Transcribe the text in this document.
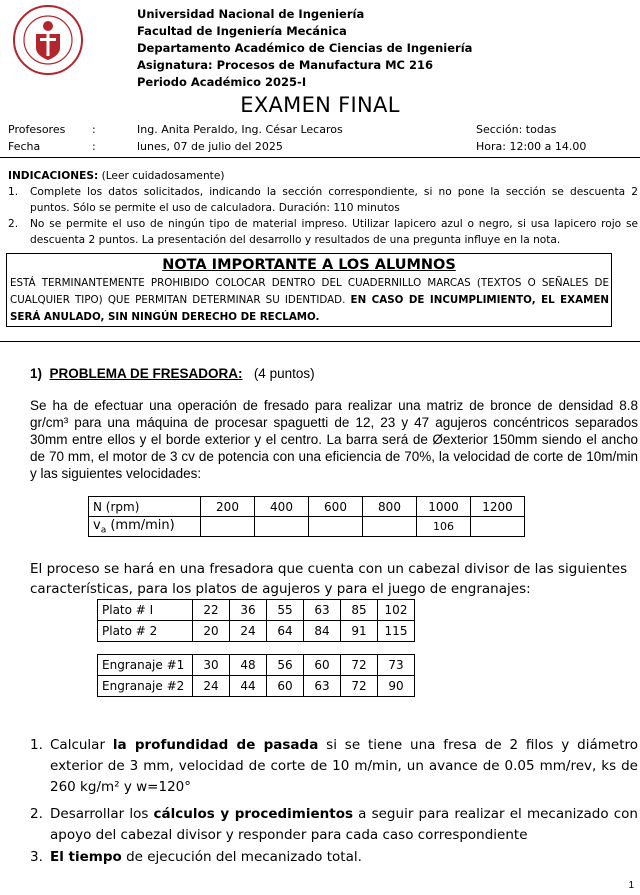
Universidad Nacional de Ingeniería
Facultad de Ingeniería Mecánica
Departamento Académico de Ciencias de Ingeniería
Asignatura: Procesos de Manufactura MC 216
Periodo Académico 2025-I
EXAMEN FINAL
Profesores :	Ing. Anita Peraldo, Ing. César Lecaros	Sección: todas
Fecha	:	lunes, 07 de julio del 2025	Hora: 12:00 a 14.00
INDICACIONES: (Leer cuidadosamente)
1.	Complete los datos solicitados, indicando la sección correspondiente, si no pone la sección se descuenta 2 puntos. Sólo se permite el uso de calculadora. Duración: 110 minutos
2.	No se permite el uso de ningún tipo de material impreso. Utilizar lapicero azul o negro, si usa lapicero rojo se descuenta 2 puntos. La presentación del desarrollo y resultados de una pregunta influye en la nota.
NOTA IMPORTANTE A LOS ALUMNOS
ESTÁ TERMINANTEMENTE PROHIBIDO COLOCAR DENTRO DEL CUADERNILLO MARCAS (TEXTOS O SEÑALES DE CUALQUIER TIPO) QUE PERMITAN DETERMINAR SU IDENTIDAD. EN CASO DE INCUMPLIMIENTO, EL EXAMEN SERÁ ANULADO, SIN NINGÚN DERECHO DE RECLAMO.
1) PROBLEMA DE FRESADORA: (4 puntos)
Se ha de efectuar una operación de fresado para realizar una matriz de bronce de densidad 8.8 gr/cm³ para una máquina de procesar spaguetti de 12, 23 y 47 agujeros concéntricos separados 30mm entre ellos y el borde exterior y el centro. La barra será de Øexterior 150mm siendo el ancho de 70 mm, el motor de 3 cv de potencia con una eficiencia de 70%, la velocidad de corte de 10m/min y las siguientes velocidades:
N (rpm)	200	400	600	800	1000	1200
$v_a$ (mm/min)					106	
El proceso se hará en una fresadora que cuenta con un cabezal divisor de las siguientes características, para los platos de agujeros y para el juego de engranajes:
Plato # I	22	36	55	63	85	102
Plato # 2	20	24	64	84	91	115
Engranaje #1	30	48	56	60	72	73
Engranaje #2	24	44	60	63	72	90
1. Calcular la profundidad de pasada si se tiene una fresa de 2 filos y diámetro exterior de 3 mm, velocidad de corte de 10 m/min, un avance de 0.05 mm/rev, ks de 260 kg/m² y w=120°
2. Desarrollar los cálculos y procedimientos a seguir para realizar el mecanizado con apoyo del cabezal divisor y responder para cada caso correspondiente
3. El tiempo de ejecución del mecanizado total.
1
